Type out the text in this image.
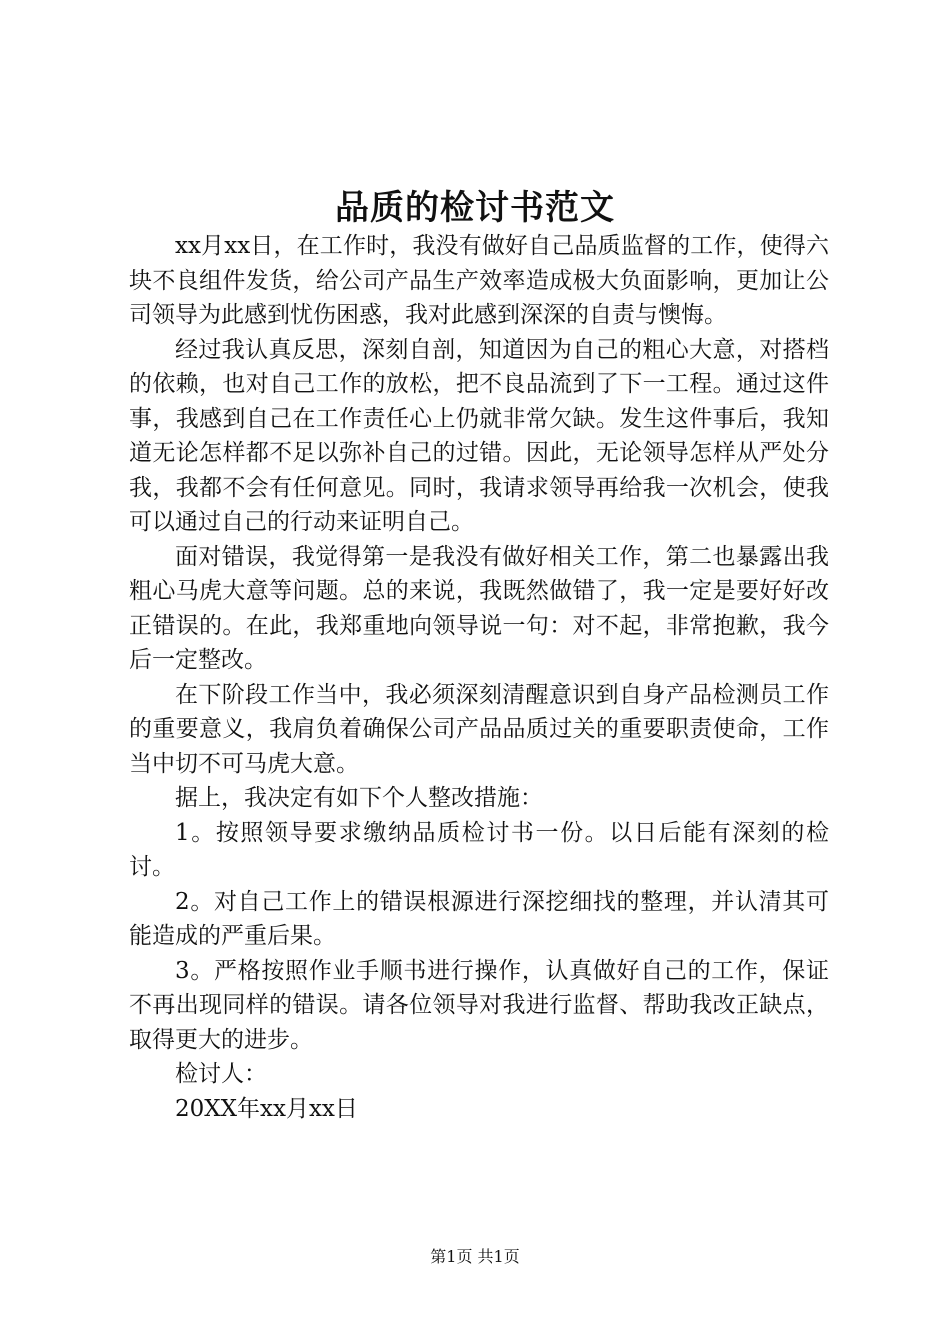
品质的检讨书范文

xx月xx日，在工作时，我没有做好自己品质监督的工作，使得六块不良组件发货，给公司产品生产效率造成极大负面影响，更加让公司领导为此感到忧伤困惑，我对此感到深深的自责与懊悔。

经过我认真反思，深刻自剖，知道因为自己的粗心大意，对搭档的依赖，也对自己工作的放松，把不良品流到了下一工程。通过这件事，我感到自己在工作责任心上仍就非常欠缺。发生这件事后，我知道无论怎样都不足以弥补自己的过错。因此，无论领导怎样从严处分我，我都不会有任何意见。同时，我请求领导再给我一次机会，使我可以通过自己的行动来证明自己。

面对错误，我觉得第一是我没有做好相关工作，第二也暴露出我粗心马虎大意等问题。总的来说，我既然做错了，我一定是要好好改正错误的。在此，我郑重地向领导说一句：对不起，非常抱歉，我今后一定整改。

在下阶段工作当中，我必须深刻清醒意识到自身产品检测员工作的重要意义，我肩负着确保公司产品品质过关的重要职责使命，工作当中切不可马虎大意。

据上，我决定有如下个人整改措施：

1。按照领导要求缴纳品质检讨书一份。以日后能有深刻的检讨。

2。对自己工作上的错误根源进行深挖细找的整理，并认清其可能造成的严重后果。

3。严格按照作业手顺书进行操作，认真做好自己的工作，保证不再出现同样的错误。请各位领导对我进行监督、帮助我改正缺点，取得更大的进步。

检讨人：

20XX年xx月xx日

第1页 共1页
